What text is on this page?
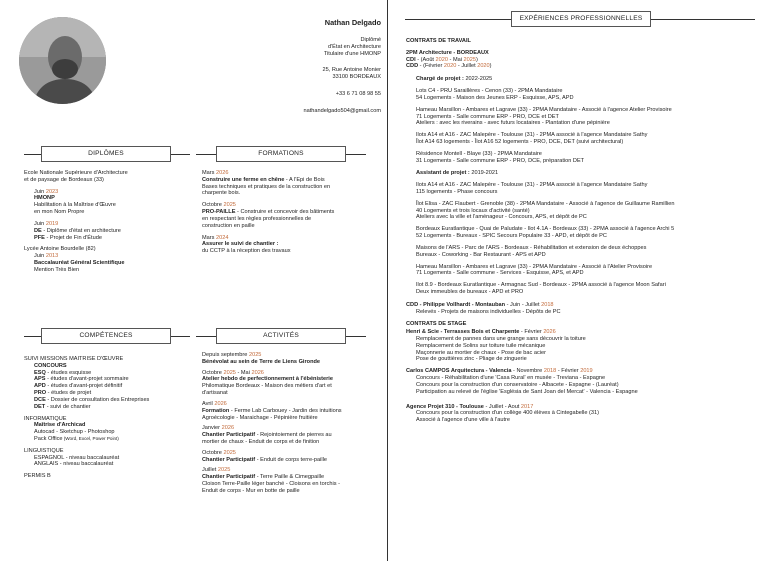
Nathan Delgado
Diplômé
d'État en Architecture
Titulaire d'une HMONP
25, Rue Antoine Monier
33100 BORDEAUX
+33 6 71 08 98 55
nathandelgado504@gmail.com
DIPLÔMES
Ecole Nationale Supérieure d'Architecture
et de paysage de Bordeaux (33)
Juin 2023
HMONP
Habilitation à la Maîtrise d'Œuvre
en mon Nom Propre
Juin 2019
DE - Diplôme d'état en architecture
PFE - Projet de Fin d'Étude
Lycée Antoine Bourdelle (82)
Juin 2013
Baccalauréat Général Scientifique
Mention Très Bien
FORMATIONS
Mars 2026
Construire une ferme en chêne - A l'Epi de Bois
Bases techniques et pratiques de la construction en
charpente bois.
Octobre 2025
PRO-PAILLE - Construire et concevoir des bâtiments
en respectant les règles professionnelles de
construction en paille
Mars 2024
Assurer le suivi de chantier :
du CCTP à la réception des travaux
COMPÉTENCES
SUIVI MISSIONS MAITRISE D'ŒUVRE
CONCOURS
ESQ - études esquisse
APS - études d'avant-projet sommaire
APD - études d'avant-projet définitif
PRO - études de projet
DCE - Dossier de consultation des Entreprises
DET - suivi de chantier
INFORMATIQUE
Maîtrise d'Archicad
Autocad - Sketchup - Photoshop
Pack Office (Word, Excel, Power Point)
LINGUISTIQUE
ESPAGNOL - niveau baccalauréat
ANGLAIS - niveau baccalauréat
PERMIS B
ACTIVITÉS
Depuis septembre 2025
Bénévolat au sein de Terre de Liens Gironde
Octobre 2025 - Mai 2026
Atelier hebdo de perfectionnement à l'ébénisterie
Philomatique Bordeaux - Maison des métiers d'art et
d'artisanat
Avril 2026
Formation - Ferme Lab Carbouey - Jardin des intuitions
Agroécologie - Maraichage - Pépinière fruitière
Janvier 2026
Chantier Participatif - Rejointoiement de pierres au
mortier de chaux - Enduit de corps et de finition
Octobre 2025
Chantier Participatif - Enduit de corps terre-paille
Juillet 2025
Chantier Participatif - Terre Paille & Cimegpaille
Cloison Terre-Paille léger banché - Cloisons en torchis -
Enduit de corps - Mur en botte de paille
EXPÉRIENCES PROFESSIONNELLES
CONTRATS DE TRAVAIL
2PM Architecture - BORDEAUX
CDI - (Août 2020 - Mai 2025)
CDD - (Février 2020 - Juillet 2020)
Chargé de projet : 2022-2025
Lots C4 - PRU Saraillères - Cenon (33) - 2PMA Mandataire
54 Logements - Maison des Jeunes ERP - Esquisse, APS, APD
Hameau Marsillon - Ambares et Lagrave (33) - 2PMA Mandataire - Associé à l'agence Atelier Provisoire
71 Logements - Salle commune ERP - PRO, DCE et DET
Ateliers : avec les riverains - avec futurs locataires - Plantation d'une pépinière
Ilots A14 et A16 - ZAC Malepère - Toulouse (31) - 2PMA associé à l'agence Mandataire Sathy
Îlot A14 63 logements - Îlot A16 52 logements - PRO, DCE, DET (suivi architectural)
Résidence Montell - Blaye (33) - 2PMA Mandataire
31 Logements - Salle commune ERP - PRO, DCE, préparation DET
Assistant de projet : 2019-2021
Ilots A14 et A16 - ZAC Malepère - Toulouse (31) - 2PMA associé à l'agence Mandataire Sathy
115 logements - Phase concours
Îlot Elisa - ZAC Flaubert - Grenoble (38) - 2PMA Mandataire - Associé à l'agence de Guillaume Ramillien
40 Logements et trois locaux d'activité (santé)
Ateliers avec la ville et l'aménageur - Concours, APS, et dépôt de PC
Bordeaux Euratlantique - Quai de Paludate - Ilot 4.1A - Bordeaux (33) - 2PMA associé à l'agence Archi 5
52 Logements - Bureaux - SPIC Secours Populaire 33 - APD, et dépôt de PC
Maisons de l'ARS - Parc de l'ARS - Bordeaux - Réhabilitation et extension de deux échoppes
Bureaux - Coworking - Bar Restaurant - APS et APD
Hameau Marsillon - Ambares et Lagrave (33) - 2PMA Mandataire - Associé à l'Atelier Provisoire
71 Logements - Salle commune - Services - Esquisse, APS, et APD
Ilot 8.9 - Bordeaux Euratlantique - Armagnac Sud - Bordeaux - 2PMA associé à l'agence Moon Safari
Deux immeubles de bureaux - APD et PRO
CDD - Philippe Vollhardt - Montauban - Juin - Juillet 2018
Relevés - Projets de maisons individuelles - Dépôts de PC
CONTRATS DE STAGE
Henri & Scie - Terrasses Bois et Charpente - Février 2026
Remplacement de pannes dans une grange sans découvrir la toiture
Remplacement de Solins sur toiture tuile mécanique
Maçonnerie au mortier de chaux - Pose de bac acier
Pose de gouttières zinc - Pliage de zinguerie
Carlos CAMPOS Arquitectura - Valencia - Novembre 2018 - Février 2019
Concours - Réhabilitation d'une 'Casa Rural' en musée - Treviana - Espagne
Concours pour la construction d'un conservatoire - Albacete - Espagne - (Lauréat)
Participation au relevé de l'église 'Església de Sant Joan del Mercat' - Valencia - Espagne
Agence Projet 310 - Toulouse - Juillet - Aout 2017
Concours pour la construction d'un collège 400 élèves à Cintegabelle (31)
Associé à l'agence d'une ville à l'autre
